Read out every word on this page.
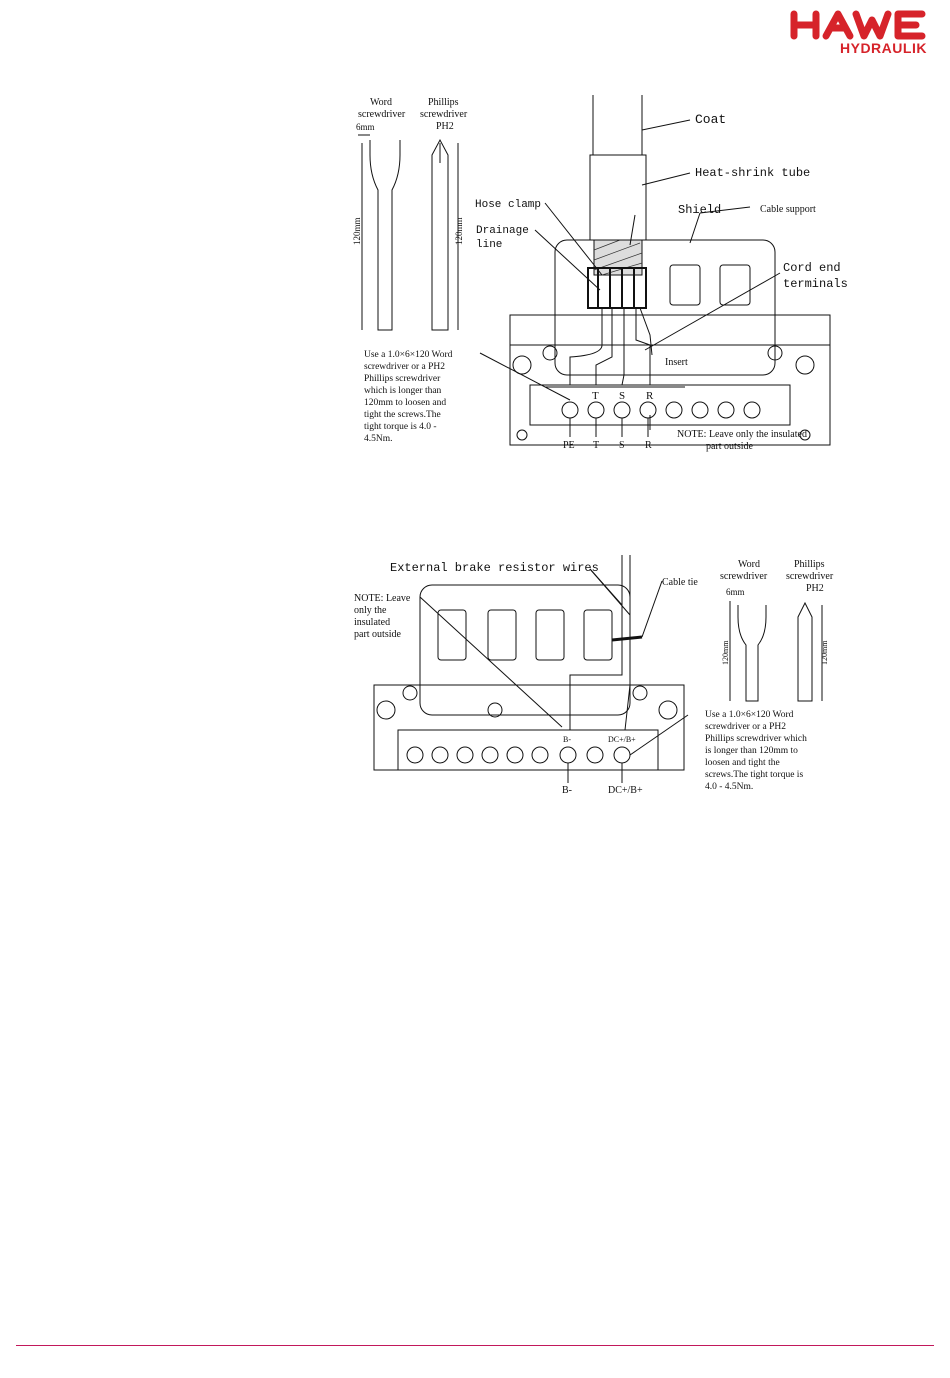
HYDRAULIK
Word
screwdriver
Phillips
screwdriver
PH2
6mm
120mm	120mm
T S R
PE T S R
Coat
Heat-shrink tube
Hose clamp	Shield	Cable support
Drainage
line
Cord end
terminals
Insert
Use a 1.0×6×120 Word
screwdriver or a PH2
Phillips screwdriver
which is longer than
120mm to loosen and
tight the screws.The
tight torque is 4.0 -
4.5Nm.	NOTE: Leave only the insulated
part outside
External brake resistor wires
Cable tie
NOTE: Leave
only the
insulated
part outside
B-	DC+/B+
B-	DC+/B+
Word
screwdriver
Phillips
screwdriver
PH2
6mm
120mm	120mm
Use a 1.0×6×120 Word
screwdriver or a PH2
Phillips screwdriver which
is longer than 120mm to
loosen and tight the
screws.The tight torque is
4.0 - 4.5Nm.
